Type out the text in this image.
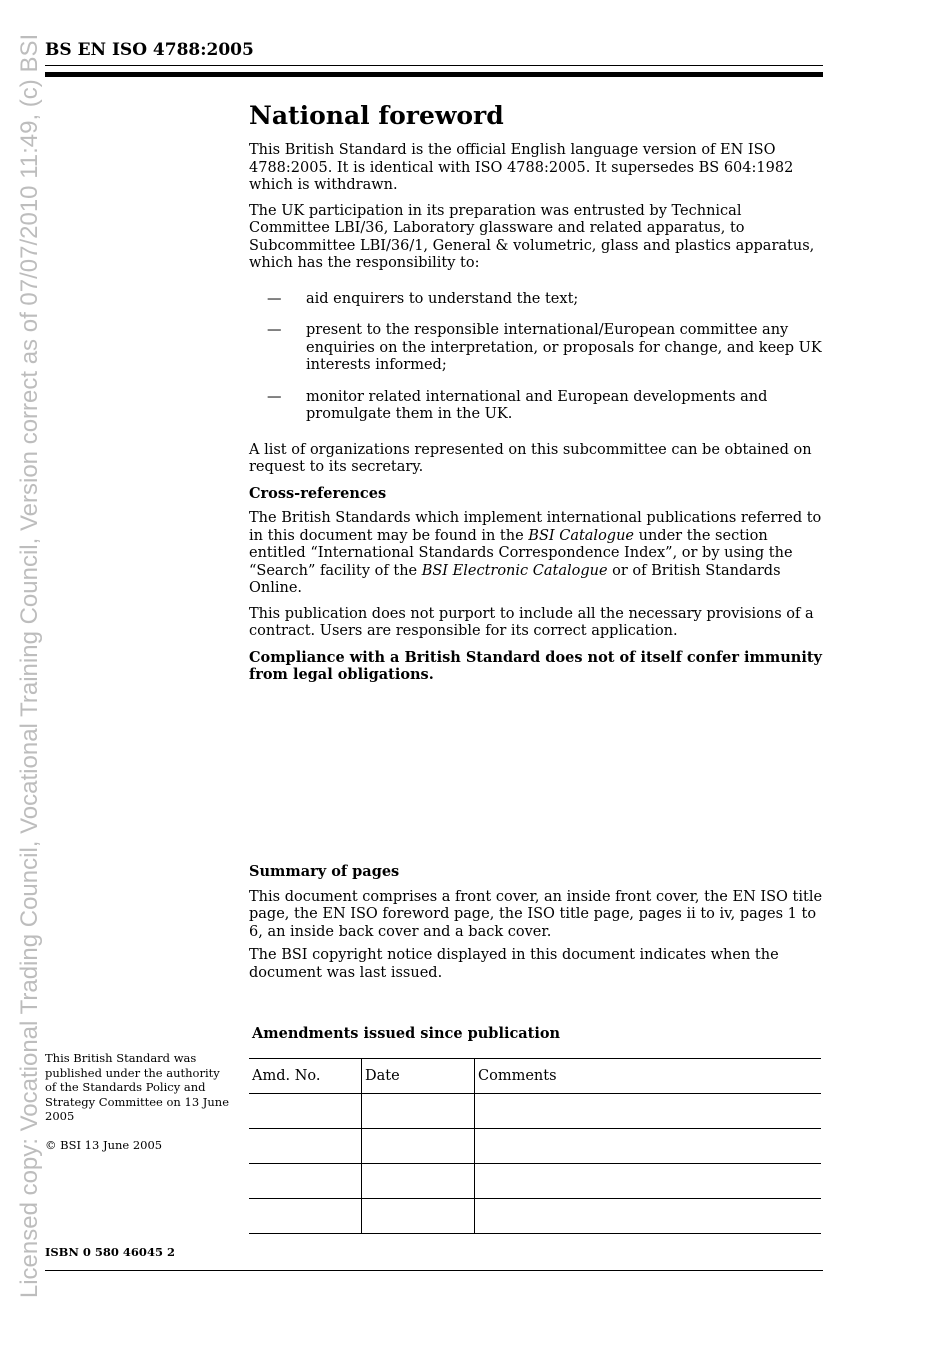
Licensed copy: Vocational Trading Council, Vocational Training Council, Version correct as of 07/07/2010 11:49, (c) BSI BS EN ISO 4788:2005
National foreword

This British Standard is the official English language version of EN ISO 4788:2005. It is identical with ISO 4788:2005. It supersedes BS 604:1982 which is withdrawn.

The UK participation in its preparation was entrusted by Technical Committee LBI/36, Laboratory glassware and related apparatus, to Subcommittee LBI/36/1, General & volumetric, glass and plastics apparatus, which has the responsibility to:

— aid enquirers to understand the text;
— present to the responsible international/European committee any enquiries on the interpretation, or proposals for change, and keep UK interests informed;
— monitor related international and European developments and promulgate them in the UK.

A list of organizations represented on this subcommittee can be obtained on request to its secretary.

Cross-references

The British Standards which implement international publications referred to in this document may be found in the BSI Catalogue under the section entitled “International Standards Correspondence Index”, or by using the “Search” facility of the BSI Electronic Catalogue or of British Standards Online.

This publication does not purport to include all the necessary provisions of a contract. Users are responsible for its correct application.

Compliance with a British Standard does not of itself confer immunity from legal obligations.

Summary of pages

This document comprises a front cover, an inside front cover, the EN ISO title page, the EN ISO foreword page, the ISO title page, pages ii to iv, pages 1 to 6, an inside back cover and a back cover.

The BSI copyright notice displayed in this document indicates when the document was last issued.

Amendments issued since publication
Amd. No.	Date	Comments

This British Standard was published under the authority of the Standards Policy and Strategy Committee on 13 June 2005

© BSI 13 June 2005

ISBN 0 580 46045 2
